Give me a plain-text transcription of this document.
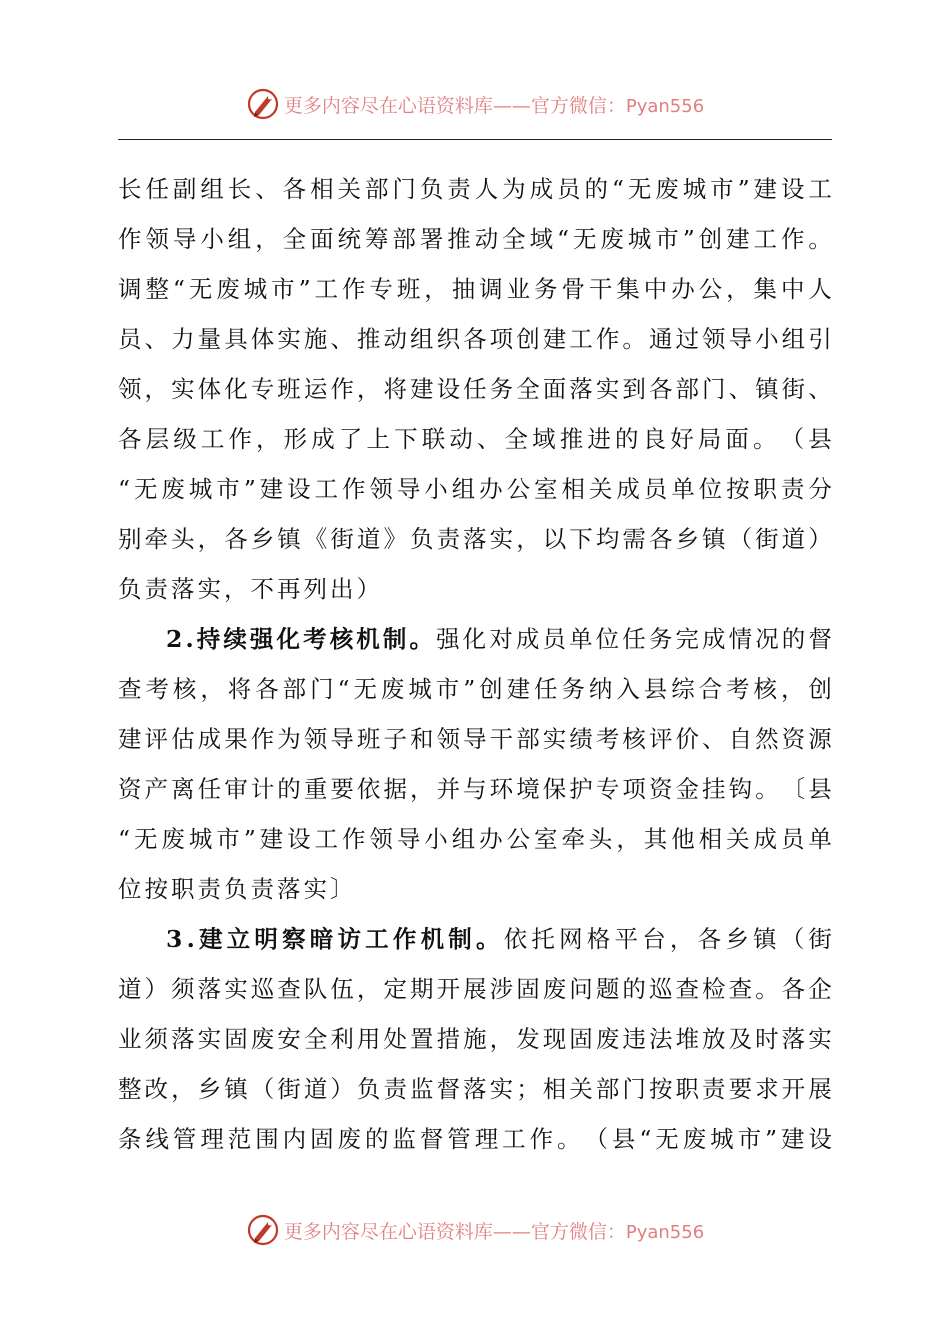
更多内容尽在心语资料库——官方微信：Pyan556
长 任 副 组 长 、 各 相 关 部 门 负 责 人 为 成 员 的 “ 无 废 城 市 ” 建 设 工
作 领 导 小 组 ， 全 面 统 筹 部 署 推 动 全 域 “ 无 废 城 市 ” 创 建 工 作 。
调 整 “ 无 废 城 市 ” 工 作 专 班 ， 抽 调 业 务 骨 干 集 中 办 公 ， 集 中 人
员 、 力 量 具 体 实 施 、 推 动 组 织 各 项 创 建 工 作 。 通 过 领 导 小 组 引
领 ， 实 体 化 专 班 运 作 ， 将 建 设 任 务 全 面 落 实 到 各 部 门 、 镇 街 、
各 层 级 工 作 ， 形 成 了 上 下 联 动 、 全 域 推 进 的 良 好 局 面 。 （ 县
“ 无 废 城 市 ” 建 设 工 作 领 导 小 组 办 公 室 相 关 成 员 单 位 按 职 责 分
别 牵 头 ， 各 乡 镇 《 街 道 》 负 责 落 实 ， 以 下 均 需 各 乡 镇 （ 街 道 ）
负责落实，不再列出）
2 . 持 续 强 化 考 核 机 制 。 强 化 对 成 员 单 位 任 务 完 成 情 况 的 督
查 考 核 ， 将 各 部 门 “ 无 废 城 市 ” 创 建 任 务 纳 入 县 综 合 考 核 ， 创
建 评 估 成 果 作 为 领 导 班 子 和 领 导 干 部 实 绩 考 核 评 价 、 自 然 资 源
资 产 离 任 审 计 的 重 要 依 据 ， 并 与 环 境 保 护 专 项 资 金 挂 钩 。 〔 县
“ 无 废 城 市 ” 建 设 工 作 领 导 小 组 办 公 室 牵 头 ， 其 他 相 关 成 员 单
位按职责负责落实〕
3 . 建 立 明 察 暗 访 工 作 机 制 。 依 托 网 格 平 台 ， 各 乡 镇 （ 街
道 ） 须 落 实 巡 查 队 伍 ， 定 期 开 展 涉 固 废 问 题 的 巡 查 检 查 。 各 企
业 须 落 实 固 废 安 全 利 用 处 置 措 施 ， 发 现 固 废 违 法 堆 放 及 时 落 实
整 改 ， 乡 镇 （ 街 道 ） 负 责 监 督 落 实 ； 相 关 部 门 按 职 责 要 求 开 展
条 线 管 理 范 围 内 固 废 的 监 督 管 理 工 作 。 （ 县 “ 无 废 城 市 ” 建 设
更多内容尽在心语资料库——官方微信：Pyan556
